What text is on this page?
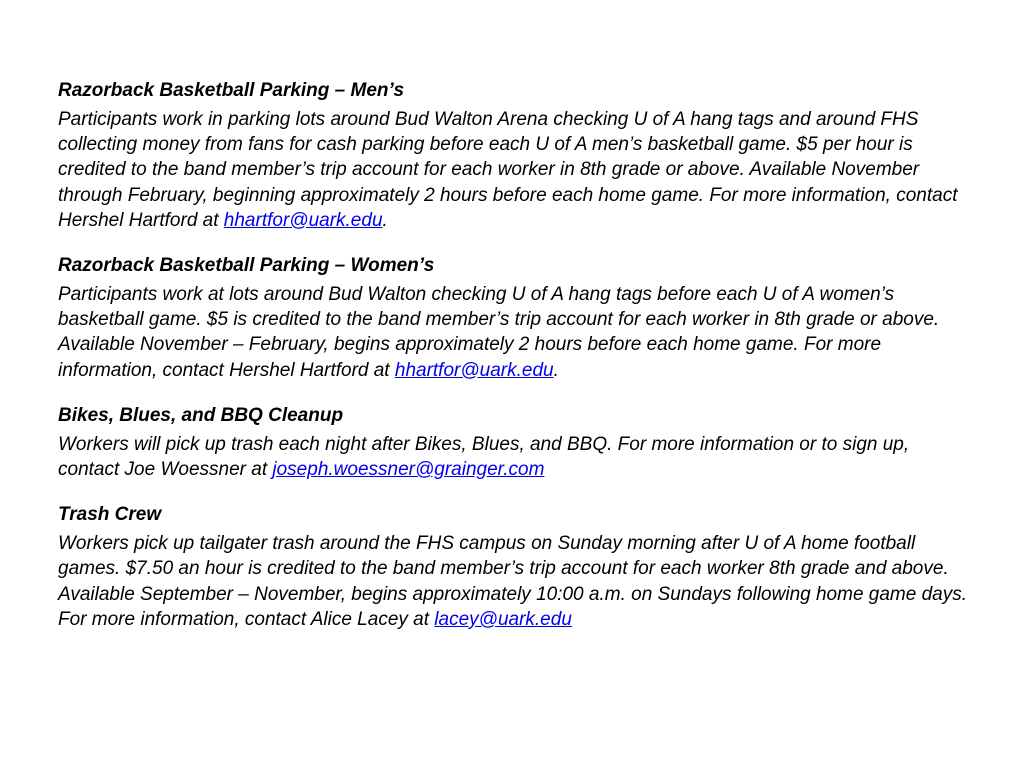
Razorback Basketball Parking – Men’s

Participants work in parking lots around Bud Walton Arena checking U of A hang tags and around FHS collecting money from fans for cash parking before each U of A men’s basketball game. $5 per hour is credited to the band member’s trip account for each worker in 8th grade or above. Available November through February, beginning approximately 2 hours before each home game. For more information, contact Hershel Hartford at hhartfor@uark.edu.

Razorback Basketball Parking – Women’s

Participants work at lots around Bud Walton checking U of A hang tags before each U of A women’s basketball game. $5 is credited to the band member’s trip account for each worker in 8th grade or above. Available November – February, begins approximately 2 hours before each home game. For more information, contact Hershel Hartford at hhartfor@uark.edu.

Bikes, Blues, and BBQ Cleanup

Workers will pick up trash each night after Bikes, Blues, and BBQ. For more information or to sign up, contact Joe Woessner at joseph.woessner@grainger.com

Trash Crew

Workers pick up tailgater trash around the FHS campus on Sunday morning after U of A home football games. $7.50 an hour is credited to the band member’s trip account for each worker 8th grade and above. Available September – November, begins approximately 10:00 a.m. on Sundays following home game days. For more information, contact Alice Lacey at lacey@uark.edu
